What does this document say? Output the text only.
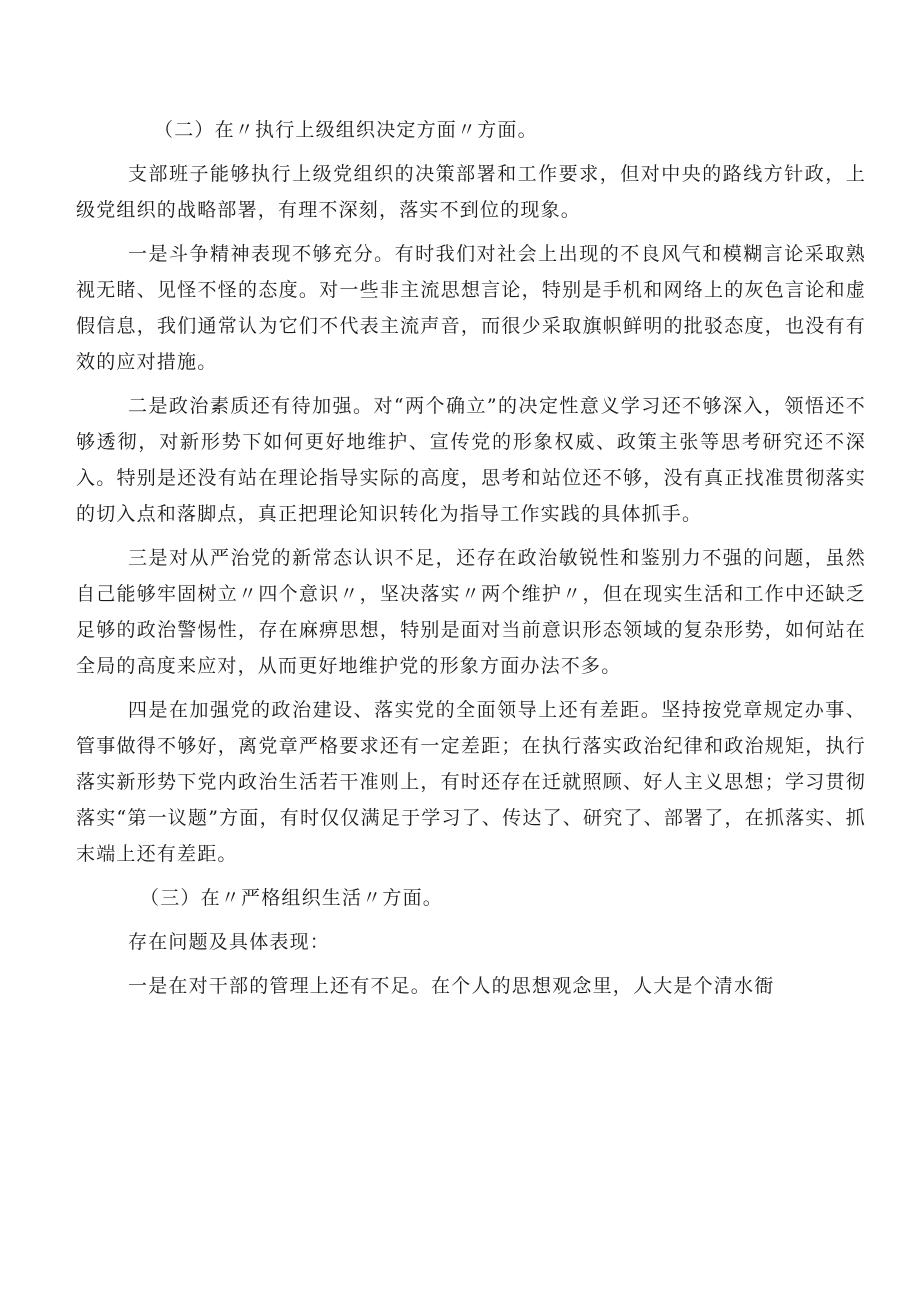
（二）在〃执行上级组织决定方面〃方面。

支部班子能够执行上级党组织的决策部署和工作要求，但对中央的路线方针政，上级党组织的战略部署，有理不深刻，落实不到位的现象。

一是斗争精神表现不够充分。有时我们对社会上出现的不良风气和模糊言论采取熟视无睹、见怪不怪的态度。对一些非主流思想言论，特别是手机和网络上的灰色言论和虚假信息，我们通常认为它们不代表主流声音，而很少采取旗帜鲜明的批驳态度，也没有有效的应对措施。

二是政治素质还有待加强。对“两个确立”的决定性意义学习还不够深入，领悟还不够透彻，对新形势下如何更好地维护、宣传党的形象权威、政策主张等思考研究还不深入。特别是还没有站在理论指导实际的高度，思考和站位还不够，没有真正找准贯彻落实的切入点和落脚点，真正把理论知识转化为指导工作实践的具体抓手。

三是对从严治党的新常态认识不足，还存在政治敏锐性和鉴别力不强的问题，虽然自己能够牢固树立〃四个意识〃，坚决落实〃两个维护〃，但在现实生活和工作中还缺乏足够的政治警惕性，存在麻痹思想，特别是面对当前意识形态领域的复杂形势，如何站在全局的高度来应对，从而更好地维护党的形象方面办法不多。

四是在加强党的政治建设、落实党的全面领导上还有差距。坚持按党章规定办事、管事做得不够好，离党章严格要求还有一定差距；在执行落实政治纪律和政治规矩，执行落实新形势下党内政治生活若干准则上，有时还存在迁就照顾、好人主义思想；学习贯彻落实“第一议题”方面，有时仅仅满足于学习了、传达了、研究了、部署了，在抓落实、抓末端上还有差距。

（三）在〃严格组织生活〃方面。

存在问题及具体表现：

一是在对干部的管理上还有不足。在个人的思想观念里，人大是个清水衙
